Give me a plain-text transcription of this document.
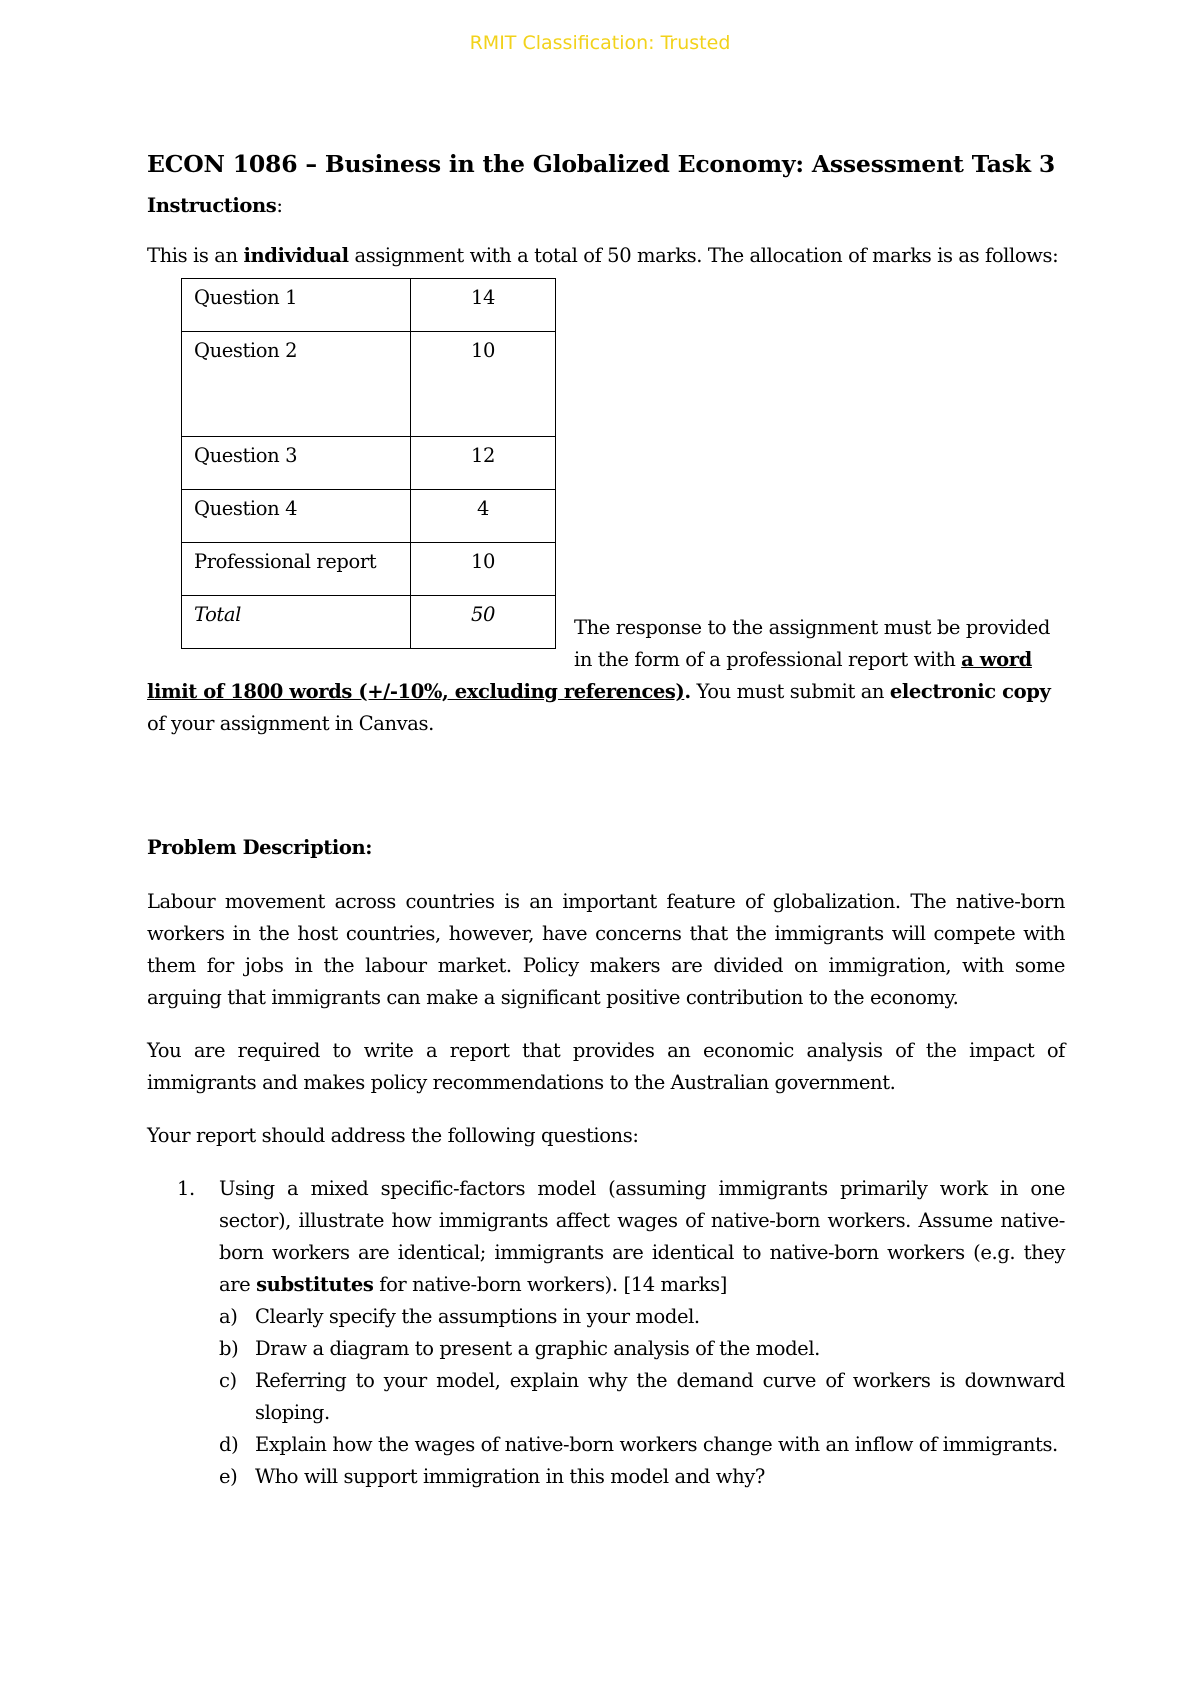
RMIT Classification: Trusted
ECON 1086 – Business in the Globalized Economy: Assessment Task 3

Instructions:

This is an individual assignment with a total of 50 marks. The allocation of marks is as follows:

Question 1	14
Question 2	10
Question 3	12
Question 4	4
Professional report	10
Total	50

The response to the assignment must be provided in the form of a professional report with a word limit of 1800 words (+/-10%, excluding references). You must submit an electronic copy of your assignment in Canvas.

Problem Description:

Labour movement across countries is an important feature of globalization. The native-born workers in the host countries, however, have concerns that the immigrants will compete with them for jobs in the labour market. Policy makers are divided on immigration, with some arguing that immigrants can make a significant positive contribution to the economy.

You are required to write a report that provides an economic analysis of the impact of immigrants and makes policy recommendations to the Australian government.

Your report should address the following questions:

1. Using a mixed specific-factors model (assuming immigrants primarily work in one sector), illustrate how immigrants affect wages of native-born workers. Assume native-born workers are identical; immigrants are identical to native-born workers (e.g. they are substitutes for native-born workers). [14 marks]
a) Clearly specify the assumptions in your model.
b) Draw a diagram to present a graphic analysis of the model.
c) Referring to your model, explain why the demand curve of workers is downward sloping.
d) Explain how the wages of native-born workers change with an inflow of immigrants.
e) Who will support immigration in this model and why?
